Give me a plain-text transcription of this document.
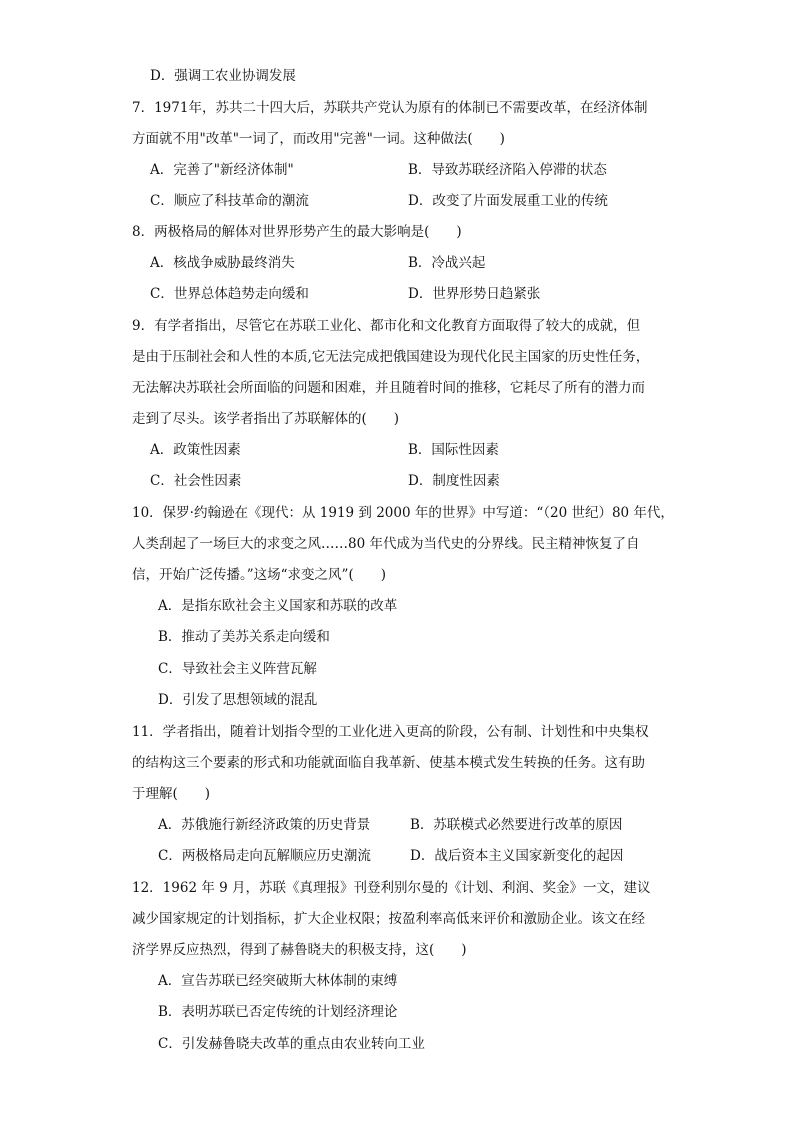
D．强调工农业协调发展
7．1971年，苏共二十四大后，苏联共产党认为原有的体制已不需要改革，在经济体制
方面就不用"改革"一词了，而改用"完善"一词。这种做法(　　)
A．完善了"新经济体制"	B．导致苏联经济陷入停滞的状态
C．顺应了科技革命的潮流	D．改变了片面发展重工业的传统
8．两极格局的解体对世界形势产生的最大影响是(　　)
A．核战争威胁最终消失	B．冷战兴起
C．世界总体趋势走向缓和	D．世界形势日趋紧张
9．有学者指出，尽管它在苏联工业化、都市化和文化教育方面取得了较大的成就，但
是由于压制社会和人性的本质,它无法完成把俄国建设为现代化民主国家的历史性任务，
无法解决苏联社会所面临的问题和困难，并且随着时间的推移，它耗尽了所有的潜力而
走到了尽头。该学者指出了苏联解体的(　　)
A．政策性因素	B．国际性因素
C．社会性因素	D．制度性因素
10．保罗·约翰逊在《现代：从 1919 到 2000 年的世界》中写道：“（20 世纪）80 年代，
人类刮起了一场巨大的求变之风……80 年代成为当代史的分界线。民主精神恢复了自
信，开始广泛传播。”这场“求变之风”(　　)
A．是指东欧社会主义国家和苏联的改革
B．推动了美苏关系走向缓和
C．导致社会主义阵营瓦解
D．引发了思想领域的混乱
11．学者指出，随着计划指令型的工业化进入更高的阶段，公有制、计划性和中央集权
的结构这三个要素的形式和功能就面临自我革新、使基本模式发生转换的任务。这有助
于理解(　　)
A．苏俄施行新经济政策的历史背景	B．苏联模式必然要进行改革的原因
C．两极格局走向瓦解顺应历史潮流	D．战后资本主义国家新变化的起因
12．1962 年 9 月，苏联《真理报》刊登利别尔曼的《计划、利润、奖金》一文，建议
减少国家规定的计划指标，扩大企业权限；按盈利率高低来评价和激励企业。该文在经
济学界反应热烈，得到了赫鲁晓夫的积极支持，这(　　)
A．宣告苏联已经突破斯大林体制的束缚
B．表明苏联已否定传统的计划经济理论
C．引发赫鲁晓夫改革的重点由农业转向工业
